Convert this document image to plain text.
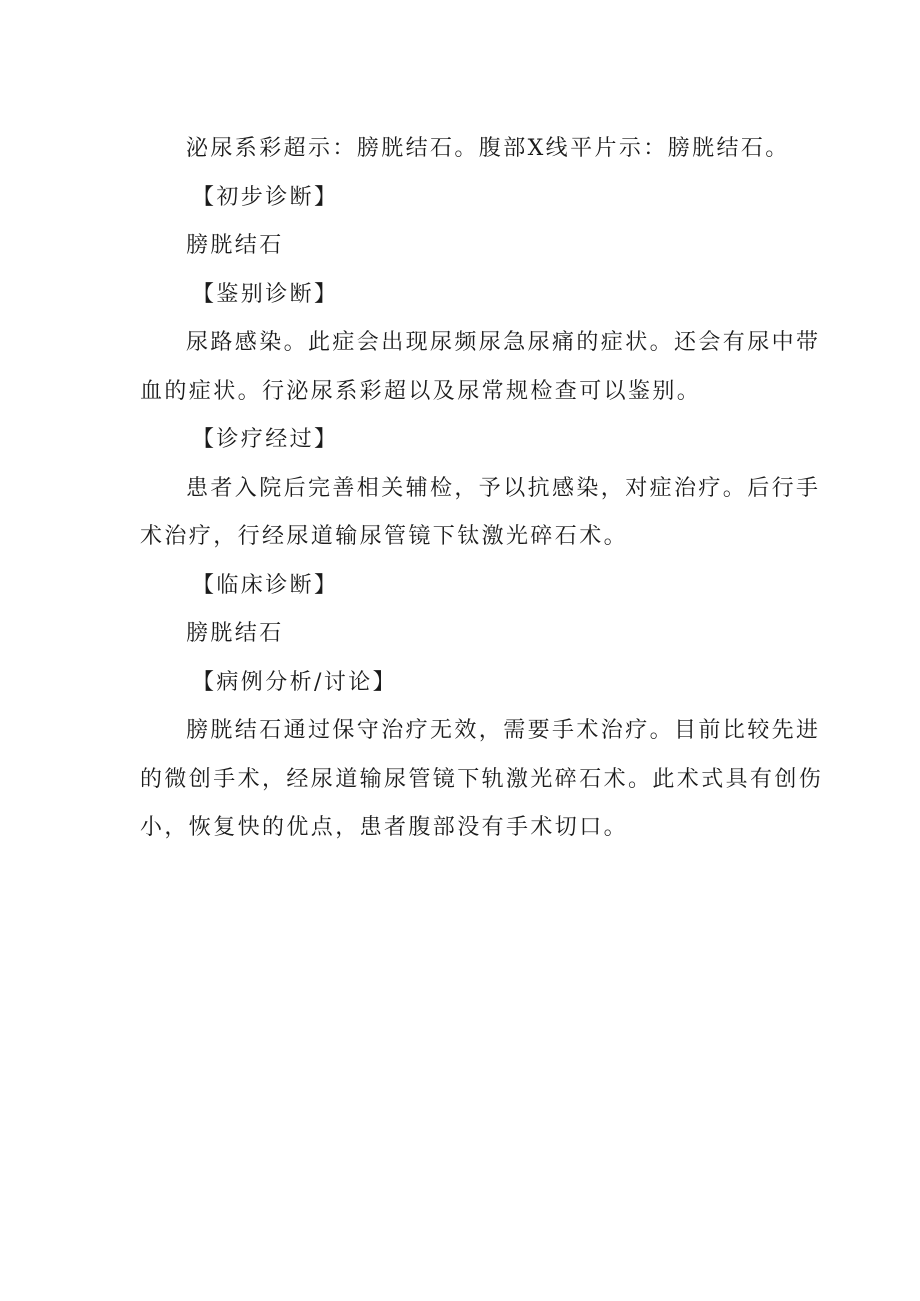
泌尿系彩超示：膀胱结石。腹部X线平片示：膀胱结石。

【初步诊断】

膀胱结石

【鉴别诊断】

尿路感染。此症会出现尿频尿急尿痛的症状。还会有尿中带

血的症状。行泌尿系彩超以及尿常规检查可以鉴别。

【诊疗经过】

患者入院后完善相关辅检，予以抗感染，对症治疗。后行手

术治疗，行经尿道输尿管镜下钛激光碎石术。

【临床诊断】

膀胱结石

【病例分析/讨论】

膀胱结石通过保守治疗无效，需要手术治疗。目前比较先进

的微创手术，经尿道输尿管镜下轨激光碎石术。此术式具有创伤

小，恢复快的优点，患者腹部没有手术切口。
